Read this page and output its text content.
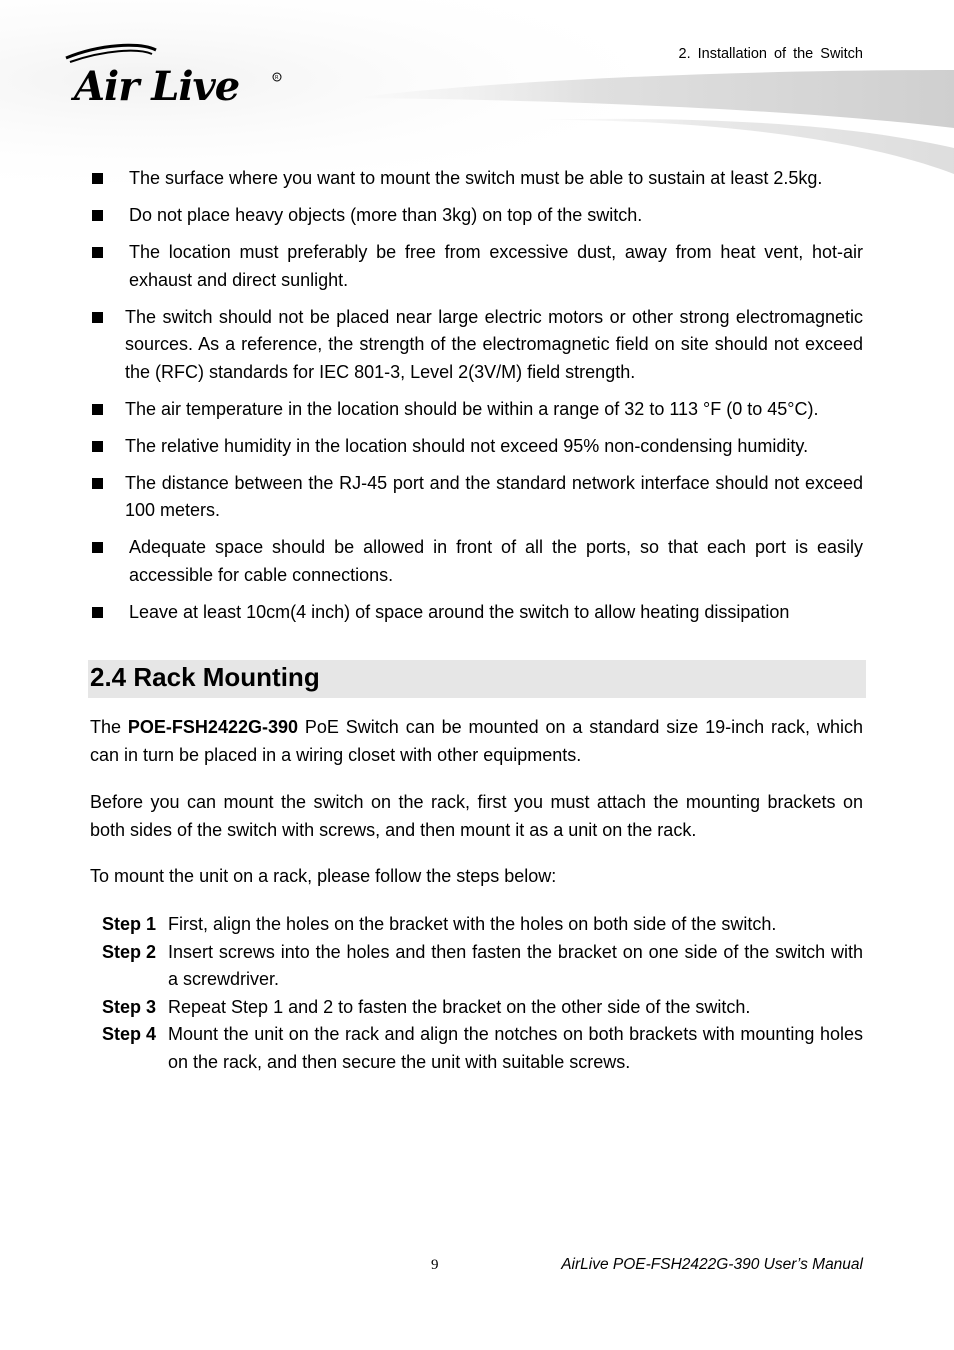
Air Live	R
2. Installation of the Switch
The surface where you want to mount the switch must be able to sustain at least 2.5kg.
Do not place heavy objects (more than 3kg) on top of the switch.
The location must preferably be free from excessive dust, away from heat vent, hot-air exhaust and direct sunlight.
The switch should not be placed near large electric motors or other strong electromagnetic sources. As a reference, the strength of the electromagnetic field on site should not exceed the (RFC) standards for IEC 801-3, Level 2(3V/M) field strength.
The air temperature in the location should be within a range of 32 to 113 °F (0 to 45°C).
The relative humidity in the location should not exceed 95% non-condensing humidity.
The distance between the RJ-45 port and the standard network interface should not exceed 100 meters.
Adequate space should be allowed in front of all the ports, so that each port is easily accessible for cable connections.
Leave at least 10cm(4 inch) of space around the switch to allow heating dissipation
2.4 Rack Mounting

The POE-FSH2422G-390 PoE Switch can be mounted on a standard size 19-inch rack, which can in turn be placed in a wiring closet with other equipments.

Before you can mount the switch on the rack, first you must attach the mounting brackets on both sides of the switch with screws, and then mount it as a unit on the rack.

To mount the unit on a rack, please follow the steps below:

Step 1 First, align the holes on the bracket with the holes on both side of the switch.
Step 2 Insert screws into the holes and then fasten the bracket on one side of the switch with a screwdriver.
Step 3 Repeat Step 1 and 2 to fasten the bracket on the other side of the switch.
Step 4 Mount the unit on the rack and align the notches on both brackets with mounting holes on the rack, and then secure the unit with suitable screws.
9	AirLive POE-FSH2422G-390 User’s Manual
